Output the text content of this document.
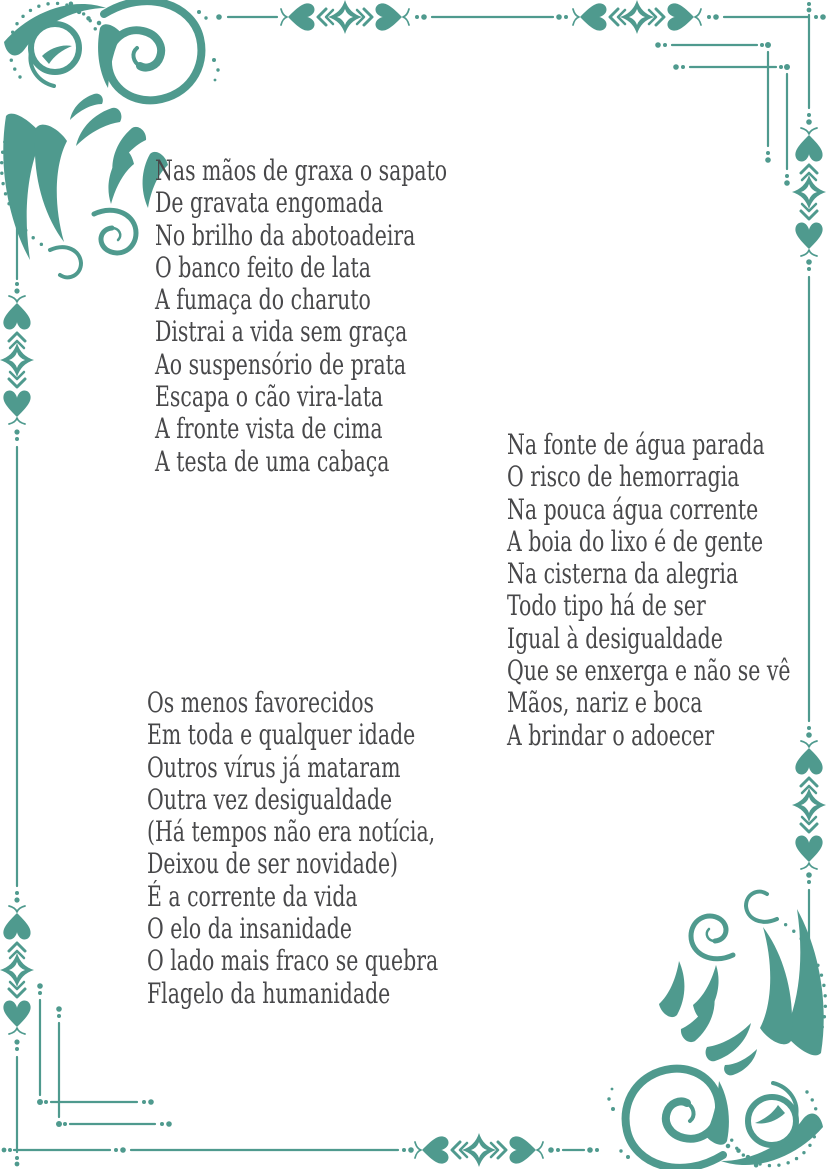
Nas mãos de graxa o sapato

De gravata engomada

No brilho da abotoadeira

O banco feito de lata

A fumaça do charuto

Distrai a vida sem graça

Ao suspensório de prata

Escapa o cão vira-lata

A fronte vista de cima

A testa de uma cabaça

Na fonte de água parada

O risco de hemorragia

Na pouca água corrente

A boia do lixo é de gente

Na cisterna da alegria

Todo tipo há de ser

Igual à desigualdade

Que se enxerga e não se vê

Mãos, nariz e boca

A brindar o adoecer

Os menos favorecidos

Em toda e qualquer idade

Outros vírus já mataram

Outra vez desigualdade

(Há tempos não era notícia,

Deixou de ser novidade)

É a corrente da vida

O elo da insanidade

O lado mais fraco se quebra

Flagelo da humanidade
